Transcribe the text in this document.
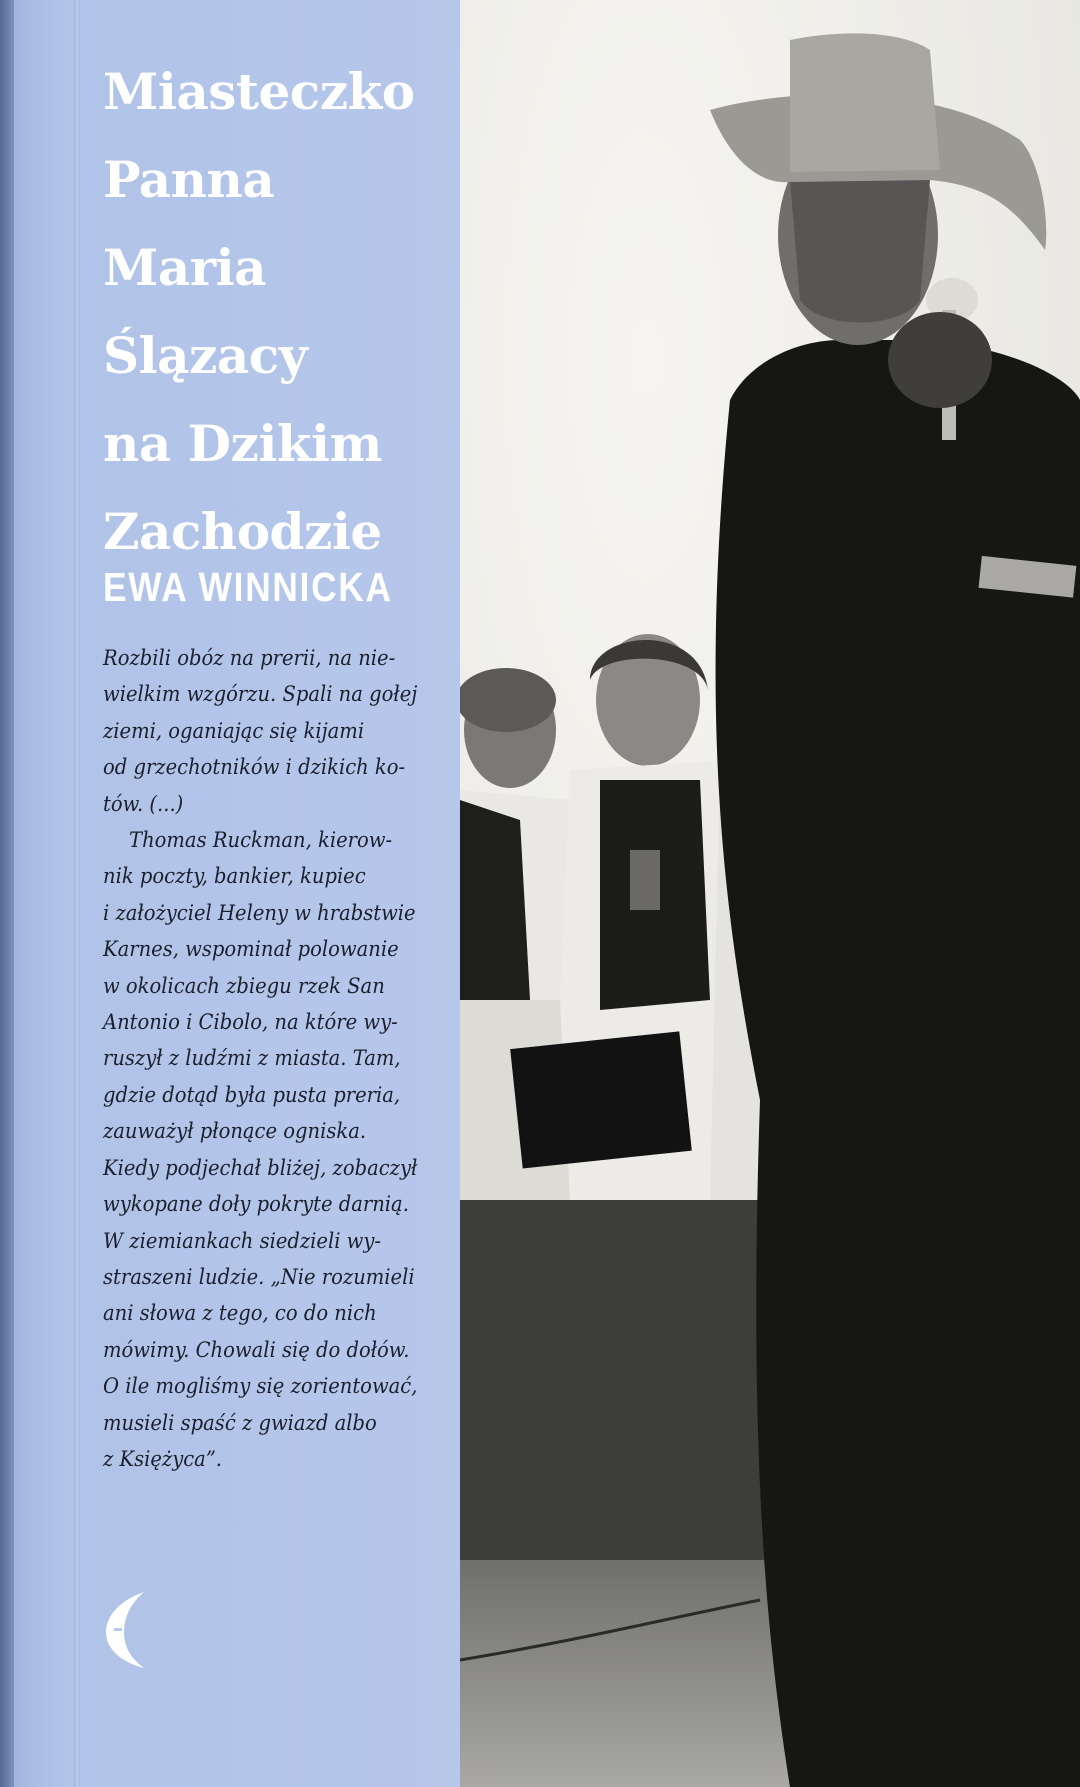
Miasteczko
Panna
Maria
Ślązacy
na Dzikim
Zachodzie
EWA WINNICKA
Rozbili obóz na prerii, na nie-
wielkim wzgórzu. Spali na gołej
ziemi, oganiając się kijami
od grzechotników i dzikich ko-
tów. (...)
Thomas Ruckman, kierow-
nik poczty, bankier, kupiec
i założyciel Heleny w hrabstwie
Karnes, wspominał polowanie
w okolicach zbiegu rzek San
Antonio i Cibolo, na które wy-
ruszył z ludźmi z miasta. Tam,
gdzie dotąd była pusta preria,
zauważył płonące ogniska.
Kiedy podjechał bliżej, zobaczył
wykopane doły pokryte darnią.
W ziemiankach siedzieli wy-
straszeni ludzie. „Nie rozumieli
ani słowa z tego, co do nich
mówimy. Chowali się do dołów.
O ile mogliśmy się zorientować,
musieli spaść z gwiazd albo
z Księżyca”.
